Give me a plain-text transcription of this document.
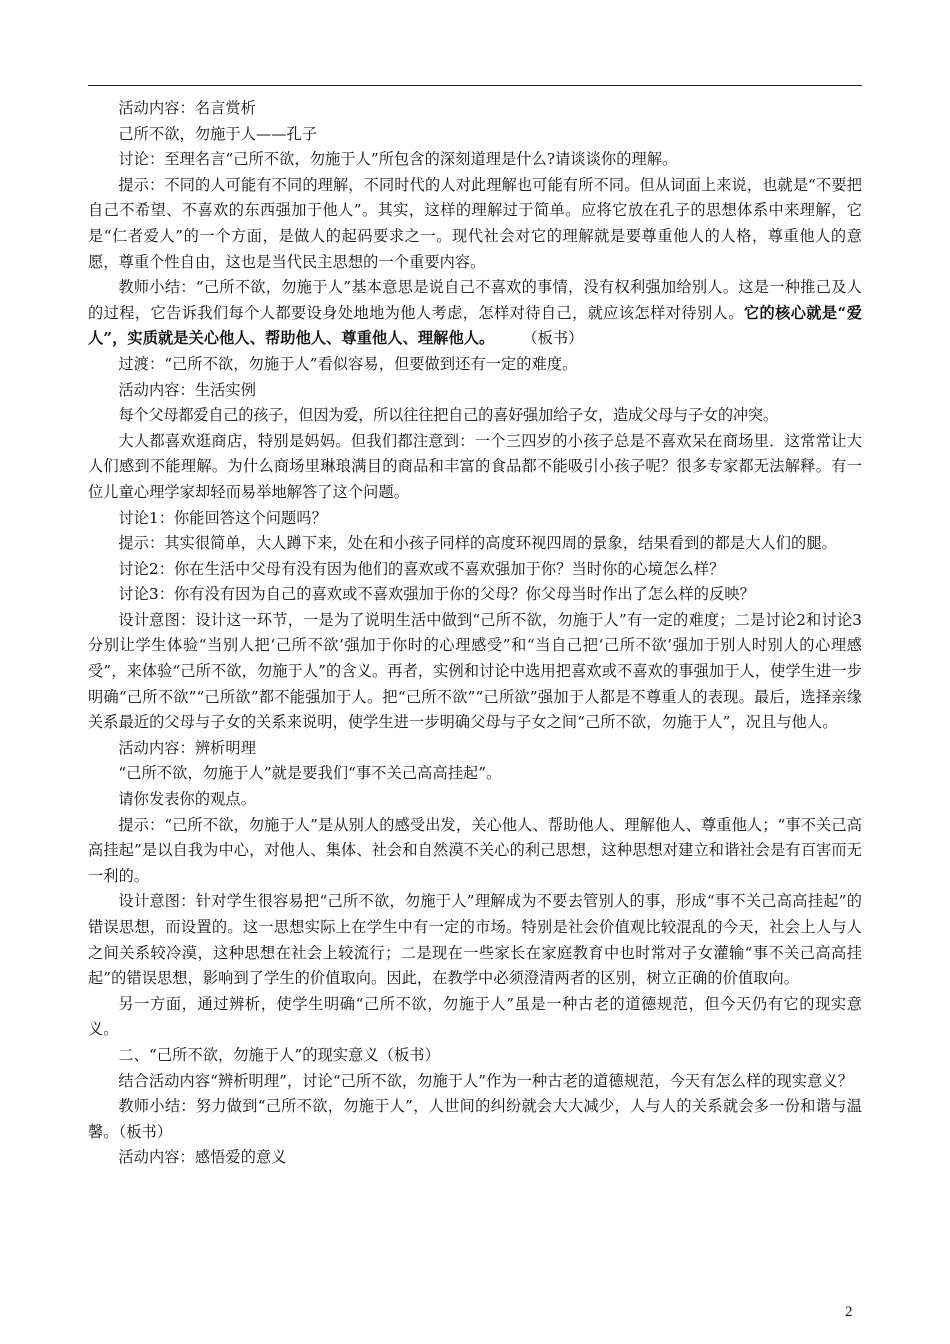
活动内容：名言赏析

己所不欲，勿施于人——孔子

讨论：至理名言“己所不欲，勿施于人”所包含的深刻道理是什么?请谈谈你的理解。

提示：不同的人可能有不同的理解，不同时代的人对此理解也可能有所不同。但从词面上来说，也就是“不要把自己不希望、不喜欢的东西强加于他人”。其实，这样的理解过于简单。应将它放在孔子的思想体系中来理解，它是“仁者爱人”的一个方面，是做人的起码要求之一。现代社会对它的理解就是要尊重他人的人格，尊重他人的意愿，尊重个性自由，这也是当代民主思想的一个重要内容。

教师小结：“己所不欲，勿施于人”基本意思是说自己不喜欢的事情，没有权利强加给别人。这是一种推己及人的过程，它告诉我们每个人都要设身处地地为他人考虑，怎样对待自己，就应该怎样对待别人。它的核心就是“爱人”，实质就是关心他人、帮助他人、尊重他人、理解他人。 （板书）

过渡：“己所不欲，勿施于人”看似容易，但要做到还有一定的难度。

活动内容：生活实例

每个父母都爱自己的孩子，但因为爱，所以往往把自己的喜好强加给子女，造成父母与子女的冲突。

大人都喜欢逛商店，特别是妈妈。但我们都注意到：一个三四岁的小孩子总是不喜欢呆在商场里．这常常让大人们感到不能理解。为什么商场里琳琅满目的商品和丰富的食品都不能吸引小孩子呢？很多专家都无法解释。有一位儿童心理学家却轻而易举地解答了这个问题。

讨论1：你能回答这个问题吗？

提示：其实很简单，大人蹲下来，处在和小孩子同样的高度环视四周的景象，结果看到的都是大人们的腿。

讨论2：你在生活中父母有没有因为他们的喜欢或不喜欢强加于你？当时你的心境怎么样？

讨论3：你有没有因为自己的喜欢或不喜欢强加于你的父母？你父母当时作出了怎么样的反映？

设计意图：设计这一环节，一是为了说明生活中做到“己所不欲，勿施于人”有一定的难度；二是讨论2和讨论3分别让学生体验“当别人把‘己所不欲’强加于你时的心理感受”和“当自己把‘己所不欲’强加于别人时别人的心理感受”，来体验“己所不欲，勿施于人”的含义。再者，实例和讨论中选用把喜欢或不喜欢的事强加于人，使学生进一步明确“己所不欲”“己所欲”都不能强加于人。把“己所不欲”“己所欲”强加于人都是不尊重人的表现。最后，选择亲缘关系最近的父母与子女的关系来说明，使学生进一步明确父母与子女之间“己所不欲，勿施于人”，况且与他人。

活动内容：辨析明理

“己所不欲，勿施于人”就是要我们“事不关己高高挂起”。

请你发表你的观点。

提示：“己所不欲，勿施于人”是从别人的感受出发，关心他人、帮助他人、理解他人、尊重他人；“事不关己高高挂起”是以自我为中心，对他人、集体、社会和自然漠不关心的利己思想，这种思想对建立和谐社会是有百害而无一利的。

设计意图：针对学生很容易把“己所不欲，勿施于人”理解成为不要去管别人的事，形成“事不关己高高挂起”的错误思想，而设置的。这一思想实际上在学生中有一定的市场。特别是社会价值观比较混乱的今天，社会上人与人之间关系较冷漠，这种思想在社会上较流行；二是现在一些家长在家庭教育中也时常对子女灌输“事不关己高高挂起”的错误思想，影响到了学生的价值取向。因此，在教学中必须澄清两者的区别，树立正确的价值取向。

另一方面，通过辨析，使学生明确“己所不欲，勿施于人”虽是一种古老的道德规范，但今天仍有它的现实意义。

二、“己所不欲，勿施于人”的现实意义（板书）

结合活动内容“辨析明理”，讨论“己所不欲，勿施于人”作为一种古老的道德规范，今天有怎么样的现实意义？

教师小结：努力做到“己所不欲，勿施于人”，人世间的纠纷就会大大减少，人与人的关系就会多一份和谐与温馨。（板书）

活动内容：感悟爱的意义

2
